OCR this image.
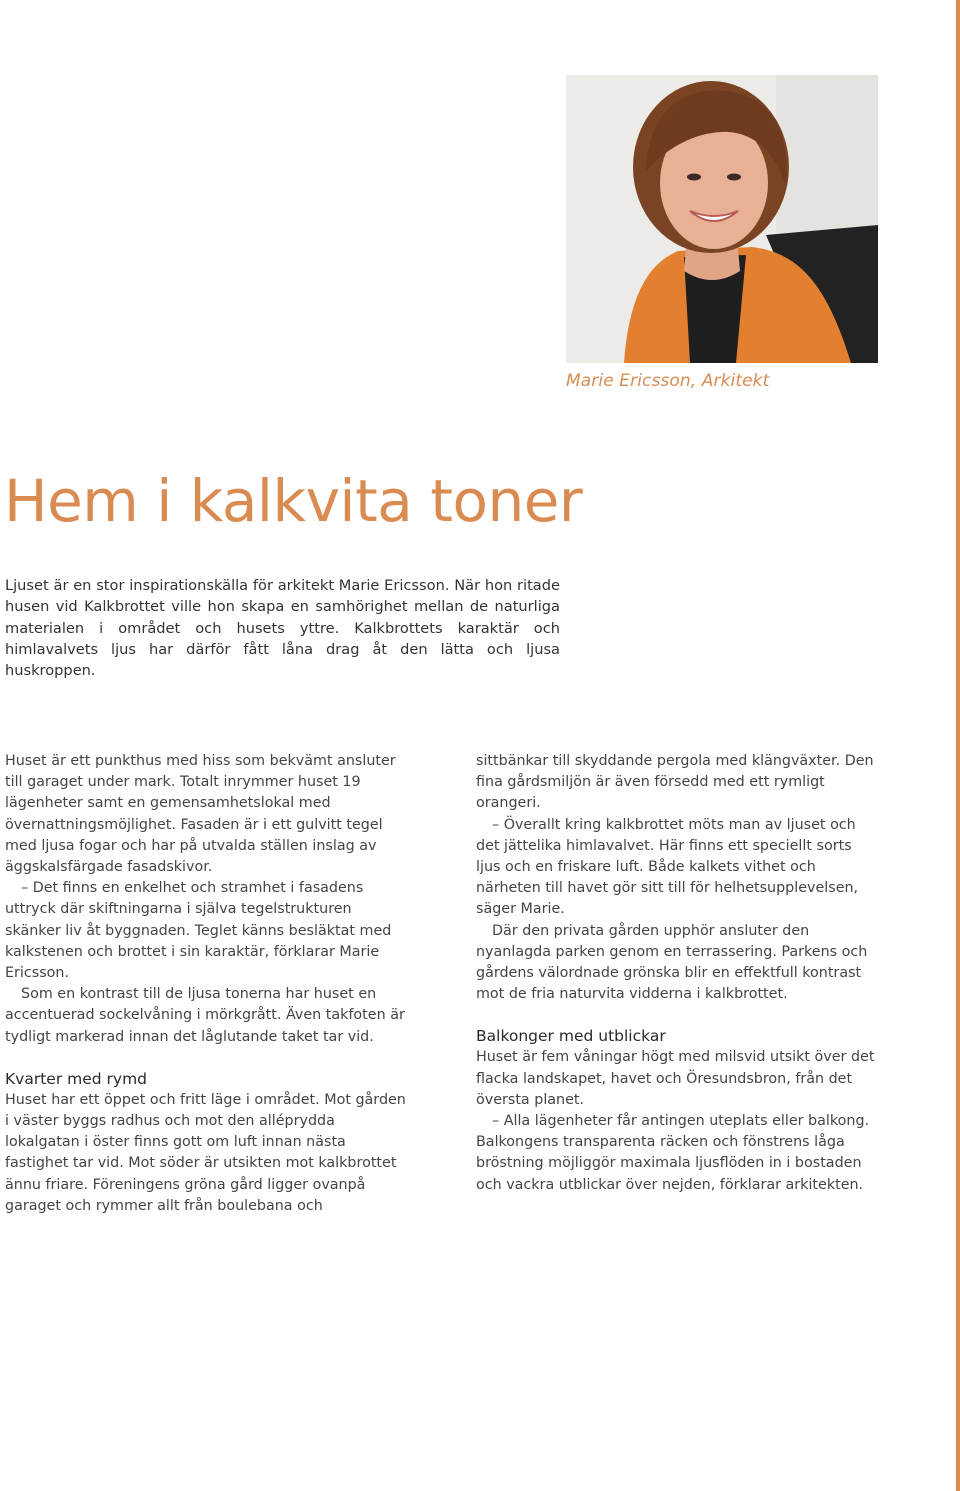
Marie Ericsson, Arkitekt
Hem i kalkvita toner

Ljuset är en stor inspirationskälla för arkitekt Marie Ericsson. När hon ritade husen vid Kalkbrottet ville hon skapa en samhörighet mellan de naturliga materialen i området och husets yttre. Kalkbrottets karaktär och himlavalvets ljus har därför fått låna drag åt den lätta och ljusa huskroppen.

Huset är ett punkthus med hiss som bekvämt ansluter till garaget under mark. Totalt inrymmer huset 19 lägenheter samt en gemensamhetslokal med övernattningsmöjlighet. Fasaden är i ett gulvitt tegel med ljusa fogar och har på utvalda ställen inslag av äggskalsfärgade fasadskivor.

– Det finns en enkelhet och stramhet i fasadens uttryck där skiftningarna i själva tegelstrukturen skänker liv åt byggnaden. Teglet känns besläktat med kalkstenen och brottet i sin karaktär, förklarar Marie Ericsson.

Som en kontrast till de ljusa tonerna har huset en accentuerad sockelvåning i mörkgrått. Även takfoten är tydligt markerad innan det låglutande taket tar vid.

Kvarter med rymd

Huset har ett öppet och fritt läge i området. Mot gården i väster byggs radhus och mot den alléprydda lokalgatan i öster finns gott om luft innan nästa fastighet tar vid. Mot söder är utsikten mot kalkbrottet ännu friare. Föreningens gröna gård ligger ovanpå garaget och rymmer allt från boulebana och

sittbänkar till skyddande pergola med klängväxter. Den fina gårdsmiljön är även försedd med ett rymligt orangeri.

– Överallt kring kalkbrottet möts man av ljuset och det jättelika himlavalvet. Här finns ett speciellt sorts ljus och en friskare luft. Både kalkets vithet och närheten till havet gör sitt till för helhetsupplevelsen, säger Marie.

Där den privata gården upphör ansluter den nyanlagda parken genom en terrassering. Parkens och gårdens välordnade grönska blir en effektfull kontrast mot de fria naturvita vidderna i kalkbrottet.

Balkonger med utblickar

Huset är fem våningar högt med milsvid utsikt över det flacka landskapet, havet och Öresundsbron, från det översta planet.

– Alla lägenheter får antingen uteplats eller balkong. Balkongens transparenta räcken och fönstrens låga bröstning möjliggör maximala ljusflöden in i bostaden och vackra utblickar över nejden, förklarar arkitekten.
